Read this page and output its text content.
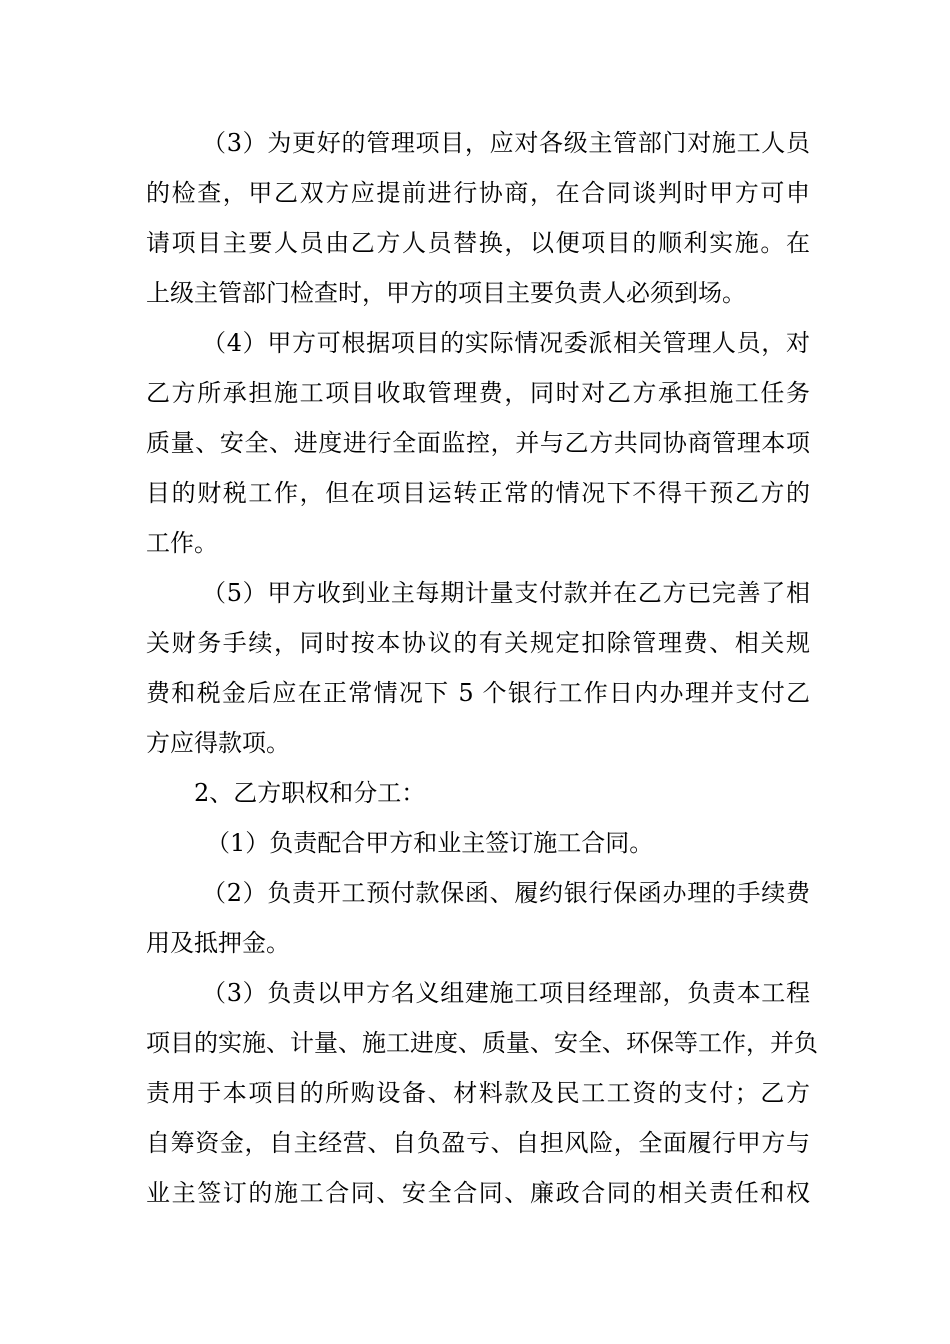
（3）为更好的管理项目，应对各级主管部门对施工人员
的检查，甲乙双方应提前进行协商，在合同谈判时甲方可申
请项目主要人员由乙方人员替换，以便项目的顺利实施。在
上级主管部门检查时，甲方的项目主要负责人必须到场。
（4）甲方可根据项目的实际情况委派相关管理人员，对
乙方所承担施工项目收取管理费，同时对乙方承担施工任务
质量、安全、进度进行全面监控，并与乙方共同协商管理本项
目的财税工作，但在项目运转正常的情况下不得干预乙方的
工作。
（5）甲方收到业主每期计量支付款并在乙方已完善了相
关财务手续，同时按本协议的有关规定扣除管理费、相关规
费和税金后应在正常情况下 5 个银行工作日内办理并支付乙
方应得款项。
2、乙方职权和分工：
（1）负责配合甲方和业主签订施工合同。
（2）负责开工预付款保函、履约银行保函办理的手续费
用及抵押金。
（3）负责以甲方名义组建施工项目经理部，负责本工程
项目的实施、计量、施工进度、质量、安全、环保等工作，并负
责用于本项目的所购设备、材料款及民工工资的支付；乙方
自筹资金，自主经营、自负盈亏、自担风险，全面履行甲方与
业主签订的施工合同、安全合同、廉政合同的相关责任和权
